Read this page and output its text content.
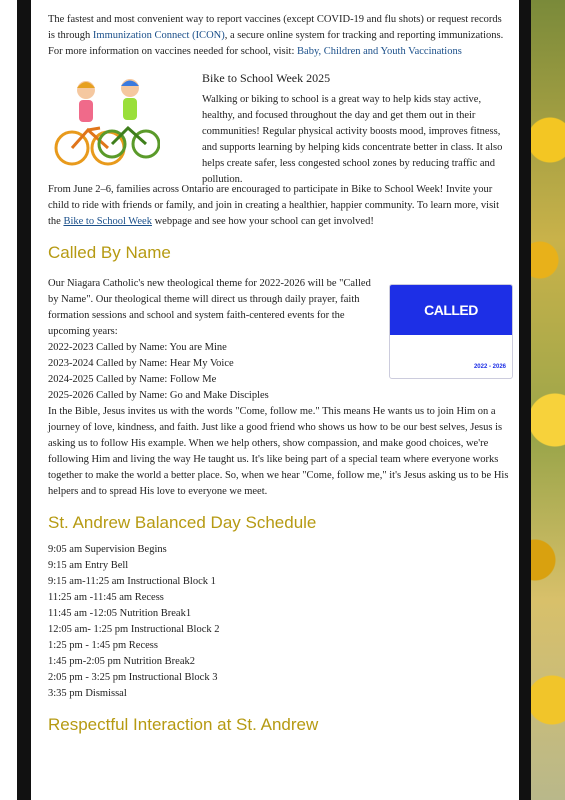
The fastest and most convenient way to report vaccines (except COVID-19 and flu shots) or request records is through Immunization Connect (ICON), a secure online system for tracking and reporting immunizations.
For more information on vaccines needed for school, visit: Baby, Children and Youth Vaccinations

Bike to School Week 2025

Walking or biking to school is a great way to help kids stay active, healthy, and focused throughout the day and get them out in their communities! Regular physical activity boosts mood, improves fitness, and supports learning by helping kids concentrate better in class. It also helps create safer, less congested school zones by reducing traffic and pollution.

From June 2–6, families across Ontario are encouraged to participate in Bike to School Week! Invite your child to ride with friends or family, and join in creating a healthier, happier community. To learn more, visit the Bike to School Week webpage and see how your school can get involved!

Called By Name

Our Niagara Catholic's new theological theme for 2022-2026 will be "Called by Name". Our theological theme will direct us through daily prayer, faith formation sessions and school and system faith-centered events for the upcoming years:

2022-2023 Called by Name: You are Mine
2023-2024 Called by Name: Hear My Voice
2024-2025 Called by Name: Follow Me
2025-2026 Called by Name: Go and Make Disciples
CALLED
2022 - 2026

In the Bible, Jesus invites us with the words "Come, follow me." This means He wants us to join Him on a journey of love, kindness, and faith. Just like a good friend who shows us how to be our best selves, Jesus is asking us to follow His example. When we help others, show compassion, and make good choices, we're following Him and living the way He taught us. It's like being part of a special team where everyone works together to make the world a better place. So, when we hear "Come, follow me," it's Jesus asking us to be His helpers and to spread His love to everyone we meet.

St. Andrew Balanced Day Schedule
9:05 am Supervision Begins
9:15 am Entry Bell
9:15 am-11:25 am Instructional Block 1
11:25 am -11:45 am Recess
11:45 am -12:05 Nutrition Break1
12:05 am- 1:25 pm Instructional Block 2
1:25 pm - 1:45 pm Recess
1:45 pm-2:05 pm Nutrition Break2
2:05 pm - 3:25 pm Instructional Block 3
3:35 pm Dismissal
Respectful Interaction at St. Andrew
